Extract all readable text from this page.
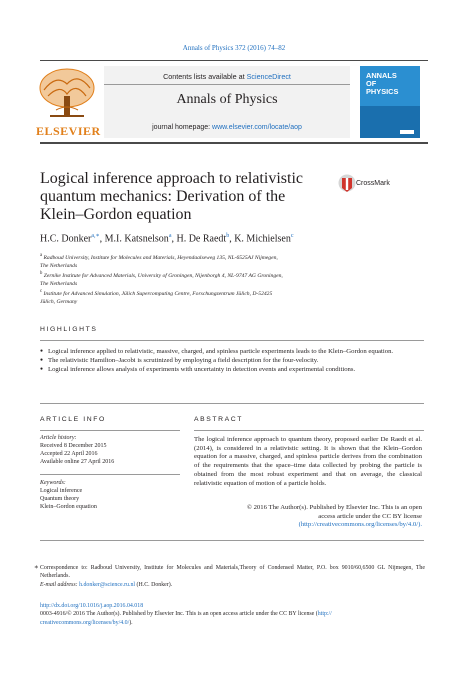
Annals of Physics 372 (2016) 74–82
ELSEVIER
Contents lists available at ScienceDirect
Annals of Physics
journal homepage: www.elsevier.com/locate/aop
ANNALS
OF
PHYSICS
Logical inference approach to relativistic
quantum mechanics: Derivation of the
Klein–Gordon equation
CrossMark
H.C. Donker$^{a,∗}$, M.I. Katsnelson$^a$, H. De Raedt$^b$, K. Michielsen$^c$
$^a$ Radboud University, Institute for Molecules and Materials, Heyendaalseweg 135, NL-6525AJ Nijmegen,
The Netherlands
$^b$ Zernike Institute for Advanced Materials, University of Groningen, Nijenborgh 4, NL-9747 AG Groningen,
The Netherlands
$^c$ Institute for Advanced Simulation, Jülich Supercomputing Centre, Forschungzentrum Jülich, D-52425
Jülich, Germany
HIGHLIGHTS
● Logical inference applied to relativistic, massive, charged, and spinless particle experiments leads to the Klein–Gordon equation.
● The relativistic Hamilton–Jacobi is scrutinized by employing a field description for the four-velocity.
● Logical inference allows analysis of experiments with uncertainty in detection events and experimental conditions.
ARTICLE INFO
Article history:
Received 8 December 2015
Accepted 22 April 2016
Available online 27 April 2016
Keywords:
Logical inference
Quantum theory
Klein–Gordon equation
ABSTRACT
The logical inference approach to quantum theory, proposed earlier De Raedt et al. (2014), is considered in a relativistic setting. It is shown that the Klein–Gordon equation for a massive, charged, and spinless particle derives from the combination of the requirements that the space–time data collected by probing the particle is obtained from the most robust experiment and that on average, the classical relativistic equation of motion of a particle holds.
© 2016 The Author(s). Published by Elsevier Inc. This is an open
access article under the CC BY license
(http://creativecommons.org/licenses/by/4.0/).
∗ Correspondence to: Radboud University, Institute for Molecules and Materials,Theory of Condensed Matter, P.O. box 9010/60,6500 GL Nijmegen, The Netherlands.
E-mail address: h.donker@science.ru.nl (H.C. Donker).
http://dx.doi.org/10.1016/j.aop.2016.04.018
0003-4916/© 2016 The Author(s). Published by Elsevier Inc. This is an open access article under the CC BY license (http://
creativecommons.org/licenses/by/4.0/).
